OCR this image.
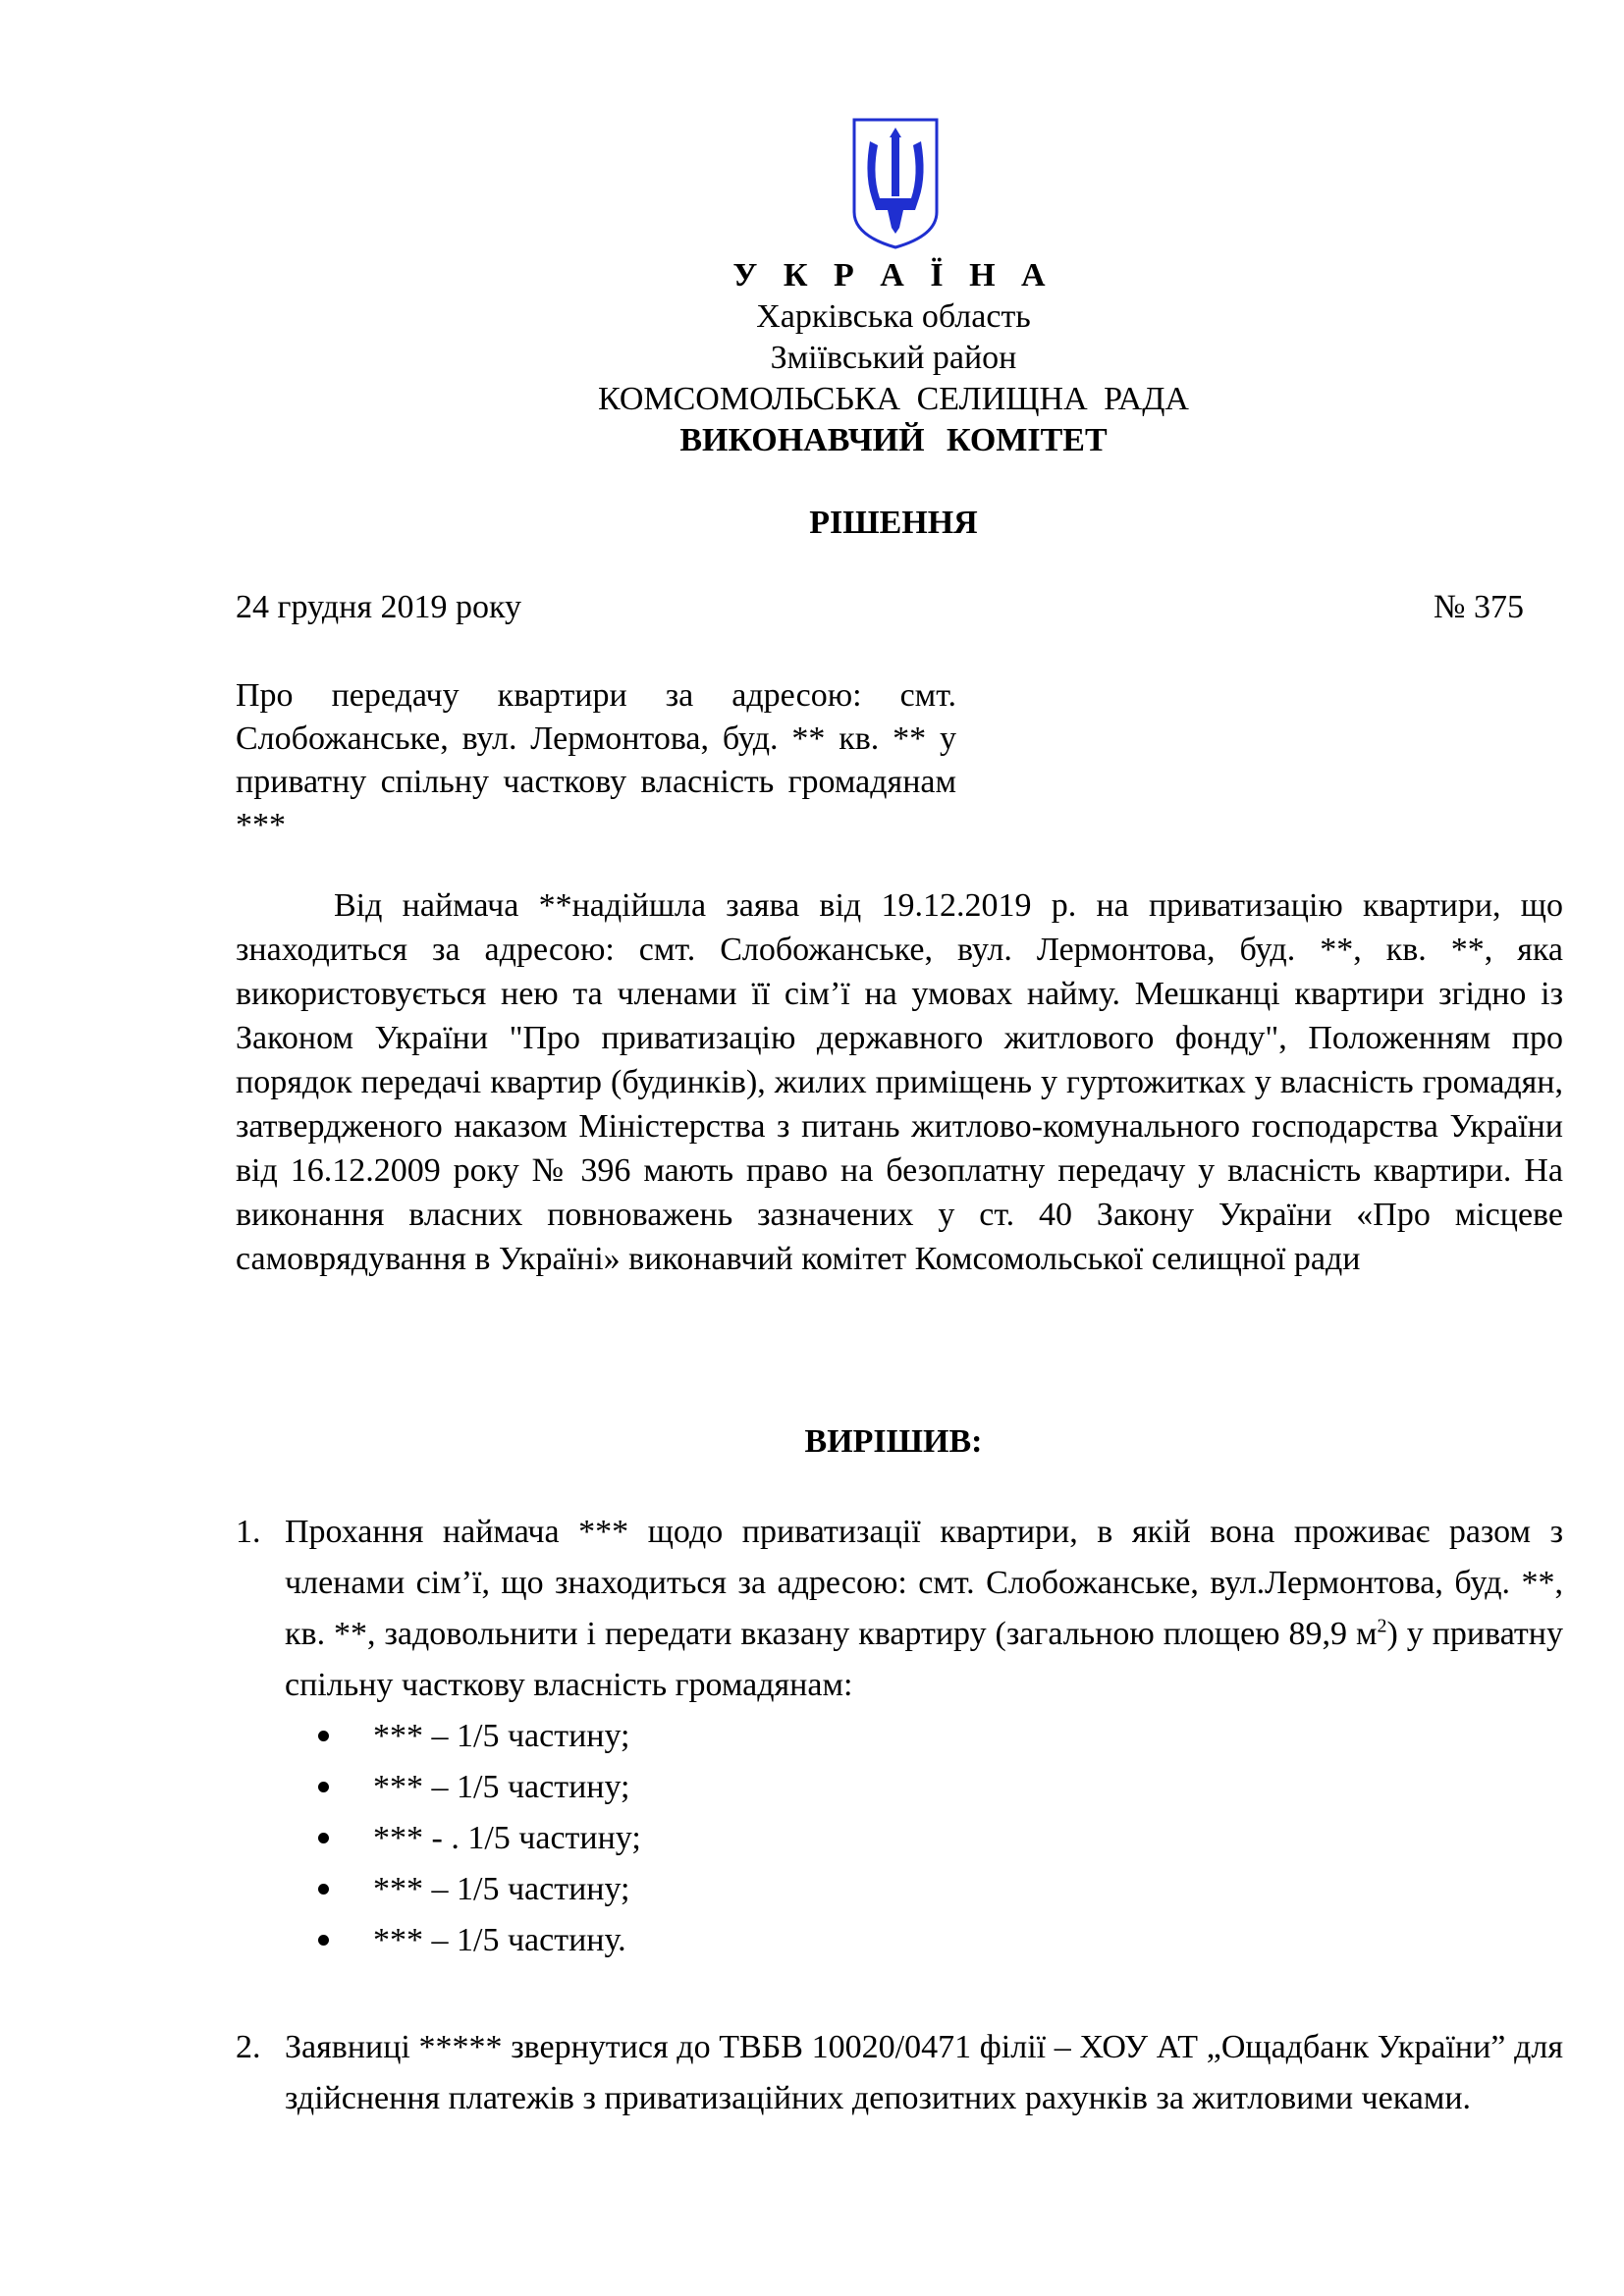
У К Р А Ї Н А
Харківська область
Зміївський район
КОМСОМОЛЬСЬКА СЕЛИЩНА РАДА
ВИКОНАВЧИЙ КОМІТЕТ
РІШЕННЯ
24 грудня 2019 року	№ 375
Про передачу квартири за адресою: смт. Слобожанське, вул. Лермонтова, буд. ** кв. ** у приватну спільну часткову власність громадянам ***
Від наймача **надійшла заява від 19.12.2019 р. на приватизацію квартири, що знаходиться за адресою: смт. Слобожанське, вул. Лермонтова, буд. **, кв. **, яка використовується нею та членами її сім’ї на умовах найму. Мешканці квартири згідно із Законом України "Про приватизацію державного житлового фонду", Положенням про порядок передачі квартир (будинків), жилих приміщень у гуртожитках у власність громадян, затвердженого наказом Міністерства з питань житлово-комунального господарства України від 16.12.2009 року № 396 мають право на безоплатну передачу у власність квартири. На виконання власних повноважень зазначених у ст. 40 Закону України «Про місцеве самоврядування в Україні» виконавчий комітет Комсомольської селищної ради
ВИРІШИВ:
1. Прохання наймача *** щодо приватизації квартири, в якій вона проживає разом з членами сім’ї, що знаходиться за адресою: смт. Слобожанське, вул.Лермонтова, буд. **, кв. **, задовольнити і передати вказану квартиру (загальною площею 89,9 $м^2$) у приватну спільну часткову власність громадянам:
*** – 1/5 частину;
*** – 1/5 частину;
*** - . 1/5 частину;
*** – 1/5 частину;
*** – 1/5 частину.
2. Заявниці ***** звернутися до ТВБВ 10020/0471 філії – ХОУ АТ „Ощадбанк України” для здійснення платежів з приватизаційних депозитних рахунків за житловими чеками.
